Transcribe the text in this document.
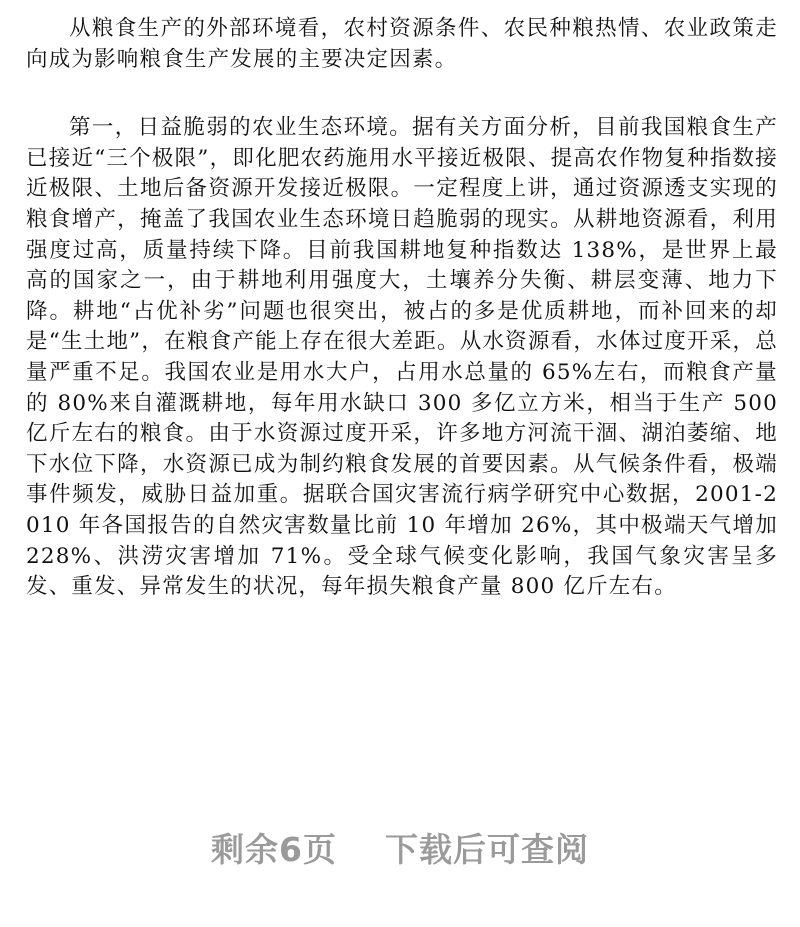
从粮食生产的外部环境看，农村资源条件、农民种粮热情、农业政策走向成为影响粮食生产发展的主要决定因素。

第一，日益脆弱的农业生态环境。据有关方面分析，目前我国粮食生产已接近“三个极限”，即化肥农药施用水平接近极限、提高农作物复种指数接近极限、土地后备资源开发接近极限。一定程度上讲，通过资源透支实现的粮食增产，掩盖了我国农业生态环境日趋脆弱的现实。从耕地资源看，利用强度过高，质量持续下降。目前我国耕地复种指数达 138%，是世界上最高的国家之一，由于耕地利用强度大，土壤养分失衡、耕层变薄、地力下降。耕地“占优补劣”问题也很突出，被占的多是优质耕地，而补回来的却是“生土地”，在粮食产能上存在很大差距。从水资源看，水体过度开采，总量严重不足。我国农业是用水大户，占用水总量的 65%左右，而粮食产量的 80%来自灌溉耕地，每年用水缺口 300 多亿立方米，相当于生产 500亿斤左右的粮食。由于水资源过度开采，许多地方河流干涸、湖泊萎缩、地下水位下降，水资源已成为制约粮食发展的首要因素。从气候条件看，极端事件频发，威胁日益加重。据联合国灾害流行病学研究中心数据，2001-2010 年各国报告的自然灾害数量比前 10 年增加 26%，其中极端天气增加 228%、洪涝灾害增加 71%。受全球气候变化影响，我国气象灾害呈多发、重发、异常发生的状况，每年损失粮食产量 800 亿斤左右。

剩余6页 下载后可查阅
